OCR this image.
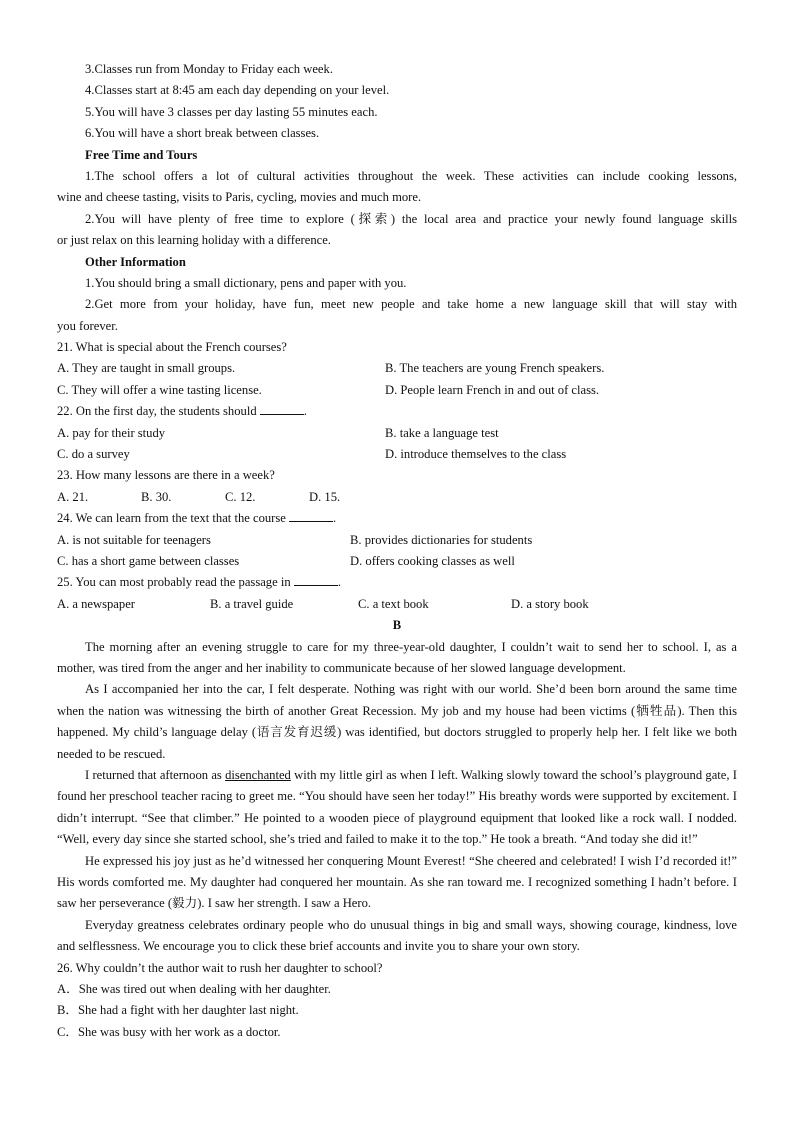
3.Classes run from Monday to Friday each week.
4.Classes start at 8:45 am each day depending on your level.
5.You will have 3 classes per day lasting 55 minutes each.
6.You will have a short break between classes.
Free Time and Tours
1.The school offers a lot of cultural activities throughout the week. These activities can include cooking lessons,
wine and cheese tasting, visits to Paris, cycling, movies and much more.
2.You will have plenty of free time to explore (探索) the local area and practice your newly found language skills
or just relax on this learning holiday with a difference.
Other Information
1.You should bring a small dictionary, pens and paper with you.
2.Get more from your holiday, have fun, meet new people and take home a new language skill that will stay with
you forever.
21. What is special about the French courses?
A. They are taught in small groups.	B. The teachers are young French speakers.
C. They will offer a wine tasting license.	D. People learn French in and out of class.
22. On the first day, the students should	.
A. pay for their study	B. take a language test
C. do a survey	D. introduce themselves to the class
23. How many lessons are there in a week?
A. 21.	B. 30.	C. 12.	D. 15.
24. We can learn from the text that the course	.
A. is not suitable for teenagers	B. provides dictionaries for students
C. has a short game between classes	D. offers cooking classes as well
25. You can most probably read the passage in	.
A. a newspaper	B. a travel guide	C. a text book	D. a story book
B
The morning after an evening struggle to care for my three-year-old daughter, I couldn’t wait to send her to school. I, as a mother, was tired from the anger and her inability to communicate because of her slowed language development.
As I accompanied her into the car, I felt desperate. Nothing was right with our world. She’d been born around the same time when the nation was witnessing the birth of another Great Recession. My job and my house had been victims (牺牲品). Then this happened. My child’s language delay (语言发育迟缓) was identified, but doctors struggled to properly help her. I felt like we both needed to be rescued.
I returned that afternoon as disenchanted with my little girl as when I left. Walking slowly toward the school’s playground gate, I found her preschool teacher racing to greet me. “You should have seen her today!” His breathy words were supported by excitement. I didn’t interrupt. “See that climber.” He pointed to a wooden piece of playground equipment that looked like a rock wall. I nodded. “Well, every day since she started school, she’s tried and failed to make it to the top.” He took a breath. “And today she did it!”
He expressed his joy just as he’d witnessed her conquering Mount Everest! “She cheered and celebrated! I wish I’d recorded it!” His words comforted me. My daughter had conquered her mountain. As she ran toward me. I recognized something I hadn’t before. I saw her perseverance (毅力). I saw her strength. I saw a Hero.
Everyday greatness celebrates ordinary people who do unusual things in big and small ways, showing courage, kindness, love and selflessness. We encourage you to click these brief accounts and invite you to share your own story.
26. Why couldn’t the author wait to rush her daughter to school?
A．She was tired out when dealing with her daughter.
B．She had a fight with her daughter last night.
C．She was busy with her work as a doctor.
